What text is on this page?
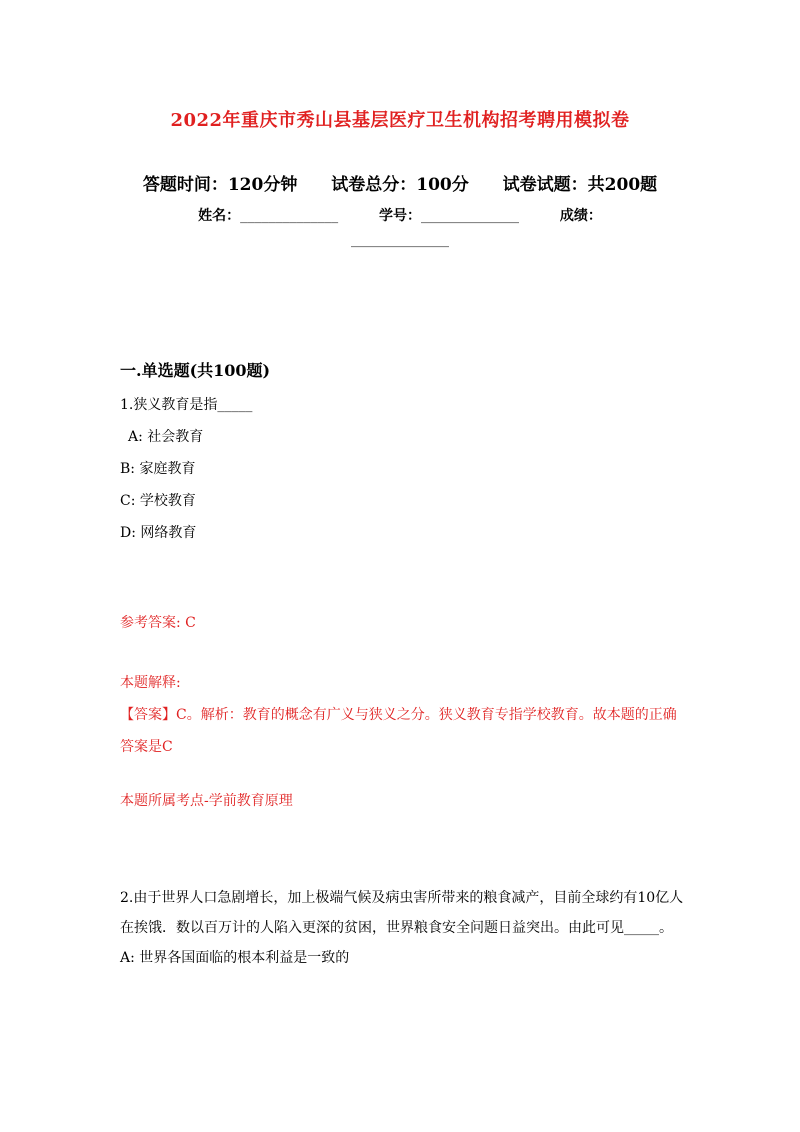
2022年重庆市秀山县基层医疗卫生机构招考聘用模拟卷
答题时间：120分钟 试卷总分：100分 试卷试题：共200题
姓名：______________	学号：______________	成绩：
______________
一.单选题(共100题)

1.狭义教育是指_____

A: 社会教育

B: 家庭教育

C: 学校教育

D: 网络教育

参考答案: C

本题解释:

【答案】C。解析：教育的概念有广义与狭义之分。狭义教育专指学校教育。故本题的正确答案是C

本题所属考点-学前教育原理

2.由于世界人口急剧增长，加上极端气候及病虫害所带来的粮食减产，目前全球约有10亿人在挨饿．数以百万计的人陷入更深的贫困，世界粮食安全问题日益突出。由此可见_____。

A: 世界各国面临的根本利益是一致的
